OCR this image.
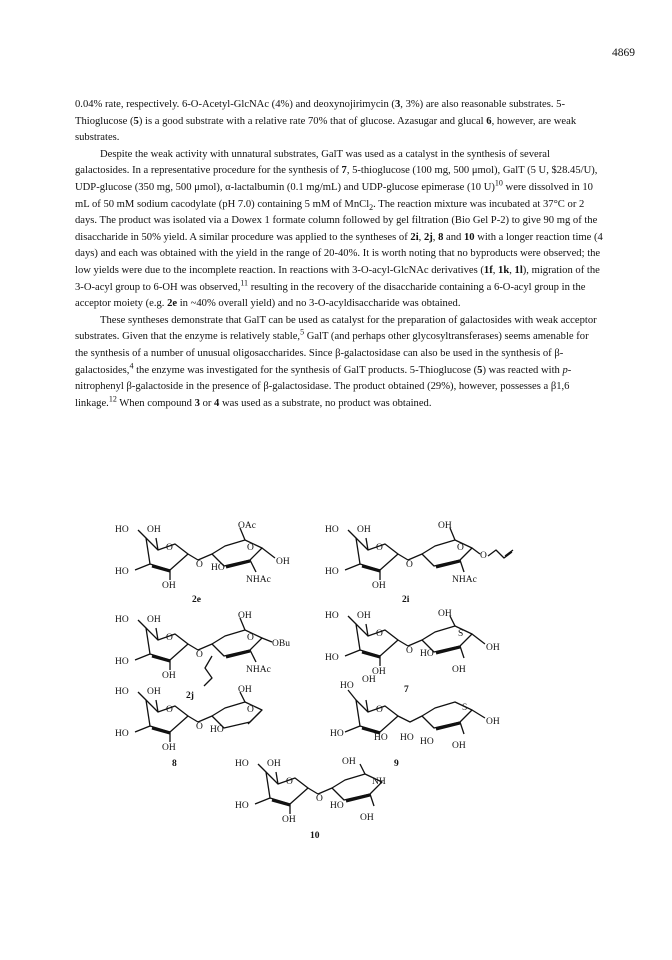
4869

0.04% rate, respectively. 6-O-Acetyl-GlcNAc (4%) and deoxynojirimycin (3, 3%) are also reasonable substrates. 5-Thioglucose (5) is a good substrate with a relative rate 70% that of glucose. Azasugar and glucal 6, however, are weak substrates.

Despite the weak activity with unnatural substrates, GalT was used as a catalyst in the synthesis of several galactosides. In a representative procedure for the synthesis of 7, 5-thioglucose (100 mg, 500 μmol), GalT (5 U, $28.45/U), UDP-glucose (350 mg, 500 μmol), α-lactalbumin (0.1 mg/mL) and UDP-glucose epimerase (10 U)$^{10}$ were dissolved in 10 mL of 50 mM sodium cacodylate (pH 7.0) containing 5 mM of MnCl$_2$. The reaction mixture was incubated at 37°C or 2 days. The product was isolated via a Dowex 1 formate column followed by gel filtration (Bio Gel P-2) to give 90 mg of the disaccharide in 50% yield. A similar procedure was applied to the syntheses of 2i, 2j, 8 and 10 with a longer reaction time (4 days) and each was obtained with the yield in the range of 20-40%. It is worth noting that no byproducts were observed; the low yields were due to the incomplete reaction. In reactions with 3-O-acyl-GlcNAc derivatives (1f, 1k, 1l), migration of the 3-O-acyl group to 6-OH was observed,$^{11}$ resulting in the recovery of the disaccharide containing a 6-O-acyl group in the acceptor moiety (e.g. 2e in ~40% overall yield) and no 3-O-acyldisaccharide was obtained.

These syntheses demonstrate that GalT can be used as catalyst for the preparation of galactosides with weak acceptor substrates. Given that the enzyme is relatively stable,$^5$ GalT (and perhaps other glycosyltransferases) seems amenable for the synthesis of a number of unusual oligosaccharides. Since β-galactosidase can also be used in the synthesis of β-galactosides,$^4$ the enzyme was investigated for the synthesis of GalT products. 5-Thioglucose (5) was reacted with p-nitrophenyl β-galactoside in the presence of β-galactosidase. The product obtained (29%), however, possesses a β1,6 linkage.$^{12}$ When compound 3 or 4 was used as a substrate, no product was obtained.

HO OH
O
HO
OH
O
OAc
O
HO
OH
NHAc
2e
HO OH
O
HO
OH
O
OH
O
O
NHAc
2i
HO OH
O
HO
OH
O
OH
O
OBu
NHAc
2j
HO OH
O
HO
OH
O
OH
S
HO
OH
OH
7
HO OH
O
HO
OH
O
OH
O
HO
8
HO
OH
O
HO	HO HO
S
HO
OH
OH
9
HO OH
O
HO
OH
O
OH
NH
HO
OH
10
